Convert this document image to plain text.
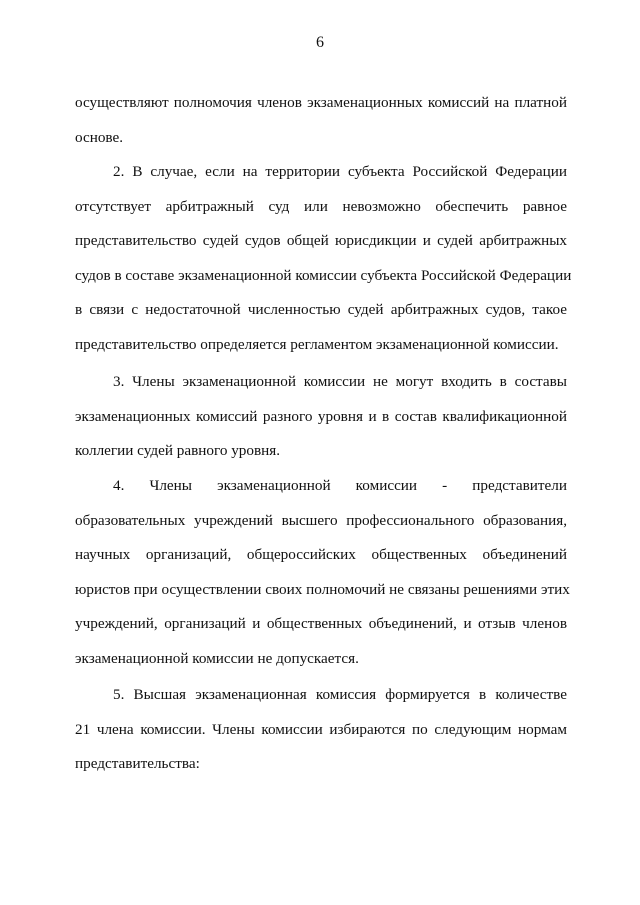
6
осуществляют полномочия членов экзаменационных комиссий на платной
основе.
2. В случае, если на территории субъекта Российской Федерации
отсутствует арбитражный суд или невозможно обеспечить равное
представительство судей судов общей юрисдикции и судей арбитражных
судов в составе экзаменационной комиссии субъекта Российской Федерации
в связи с недостаточной численностью судей арбитражных судов, такое
представительство определяется регламентом экзаменационной комиссии.
3. Члены экзаменационной комиссии не могут входить в составы
экзаменационных комиссий разного уровня и в состав квалификационной
коллегии судей равного уровня.
4. Члены экзаменационной комиссии - представители
образовательных учреждений высшего профессионального образования,
научных организаций, общероссийских общественных объединений
юристов при осуществлении своих полномочий не связаны решениями этих
учреждений, организаций и общественных объединений, и отзыв членов
экзаменационной комиссии не допускается.
5. Высшая экзаменационная комиссия формируется в количестве
21 члена комиссии. Члены комиссии избираются по следующим нормам
представительства:
